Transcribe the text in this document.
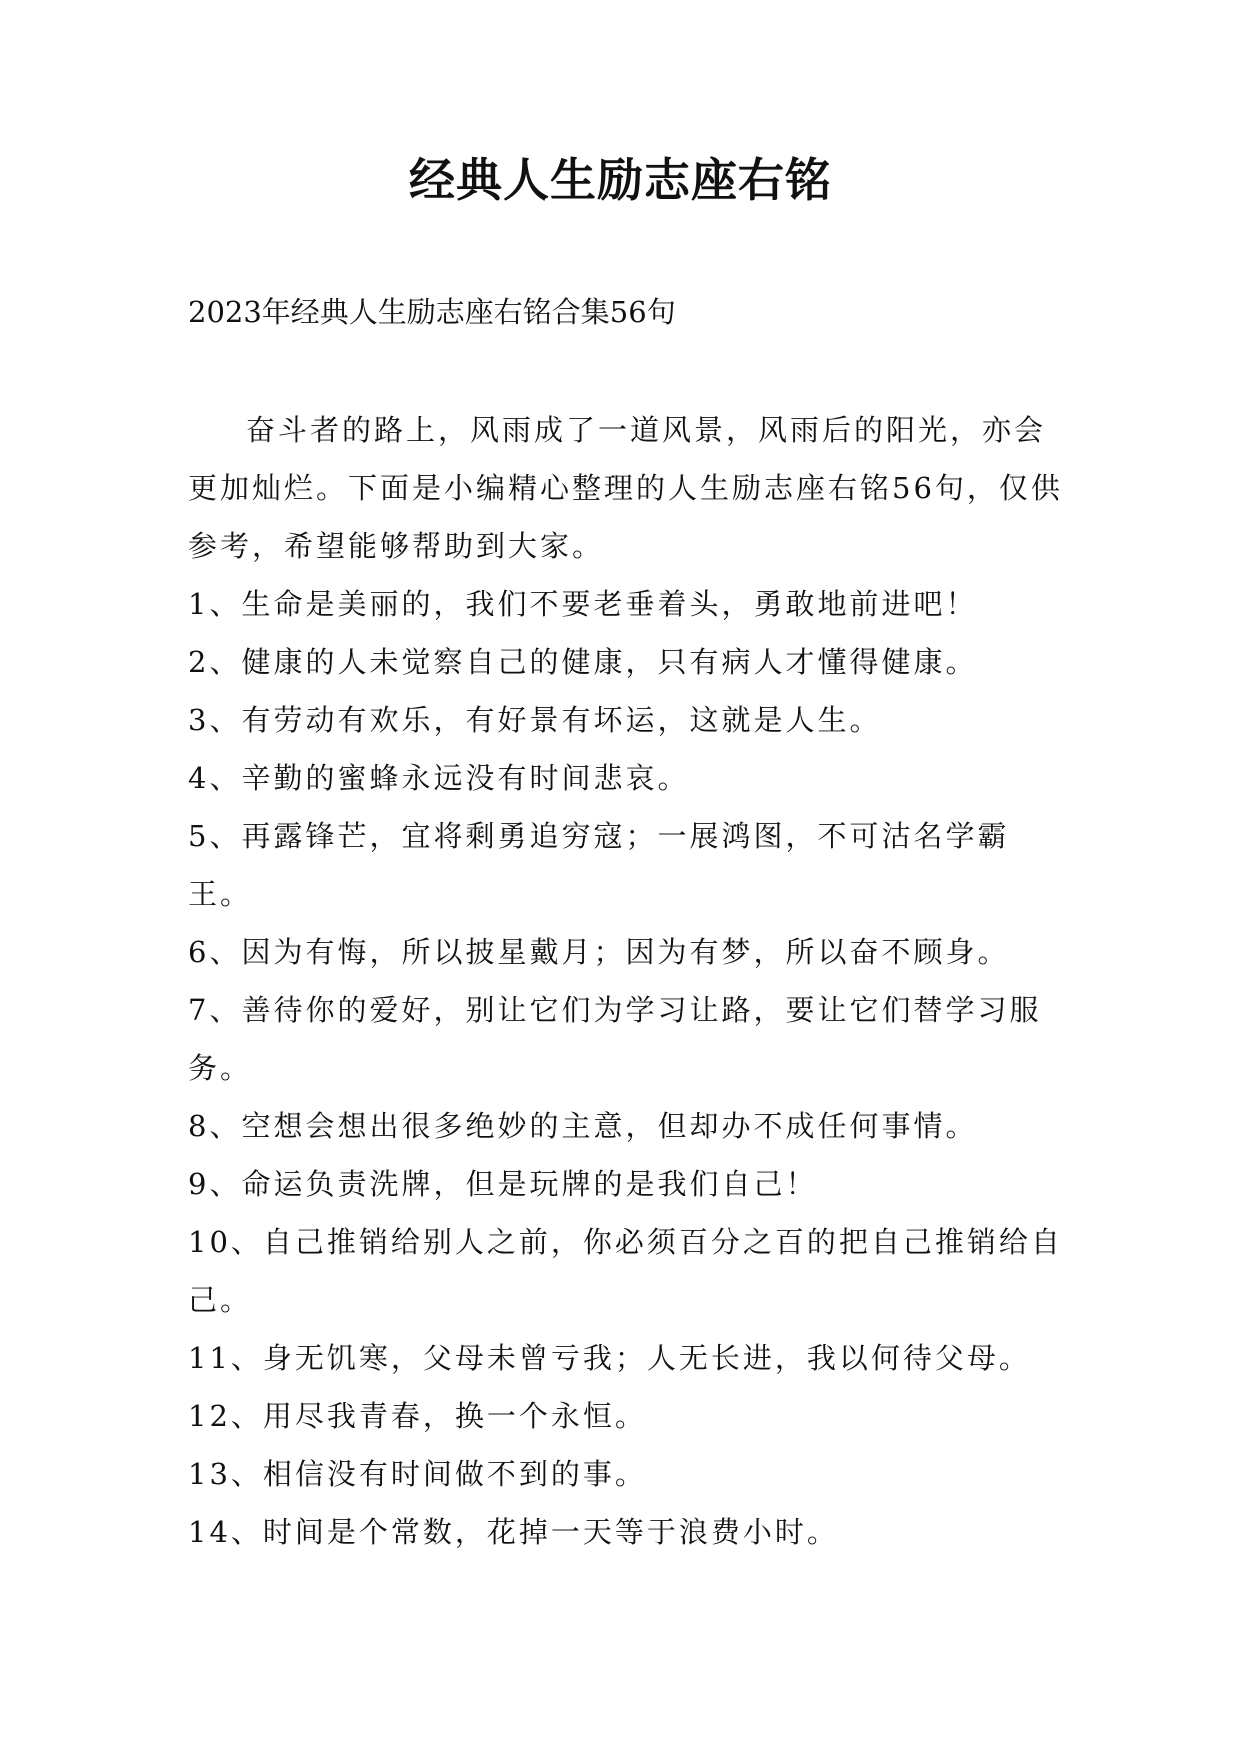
经典人生励志座右铭

2023年经典人生励志座右铭合集56句

奋斗者的路上，风雨成了一道风景，风雨后的阳光，亦会更加灿烂。下面是小编精心整理的人生励志座右铭56句，仅供参考，希望能够帮助到大家。

1、生命是美丽的，我们不要老垂着头，勇敢地前进吧！

2、健康的人未觉察自己的健康，只有病人才懂得健康。

3、有劳动有欢乐，有好景有坏运，这就是人生。

4、辛勤的蜜蜂永远没有时间悲哀。

5、再露锋芒，宜将剩勇追穷寇；一展鸿图，不可沽名学霸王。

6、因为有悔，所以披星戴月；因为有梦，所以奋不顾身。

7、善待你的爱好，别让它们为学习让路，要让它们替学习服务。

8、空想会想出很多绝妙的主意，但却办不成任何事情。

9、命运负责洗牌，但是玩牌的是我们自己！

10、自己推销给别人之前，你必须百分之百的把自己推销给自己。

11、身无饥寒，父母未曾亏我；人无长进，我以何待父母。

12、用尽我青春，换一个永恒。

13、相信没有时间做不到的事。

14、时间是个常数，花掉一天等于浪费小时。
